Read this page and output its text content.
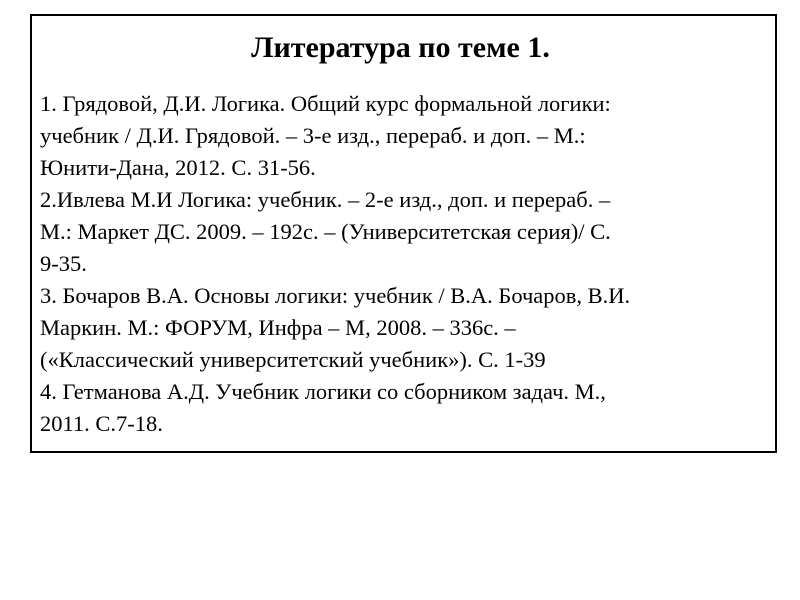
Литература по теме 1.
1. Грядовой, Д.И. Логика. Общий курс формальной логики:
учебник / Д.И. Грядовой. – 3-е изд., перераб. и доп. – М.:
Юнити-Дана, 2012. С. 31-56.
2.Ивлева М.И Логика: учебник. – 2-е изд., доп. и перераб. –
М.: Маркет ДС. 2009. – 192с. – (Университетская серия)/ С.
9-35.
3. Бочаров В.А. Основы логики: учебник / В.А. Бочаров, В.И.
Маркин. М.: ФОРУМ, Инфра – М, 2008. – 336с. –
(«Классический университетский учебник»). С. 1-39
4. Гетманова А.Д. Учебник логики со сборником задач. М.,
2011. С.7-18.
